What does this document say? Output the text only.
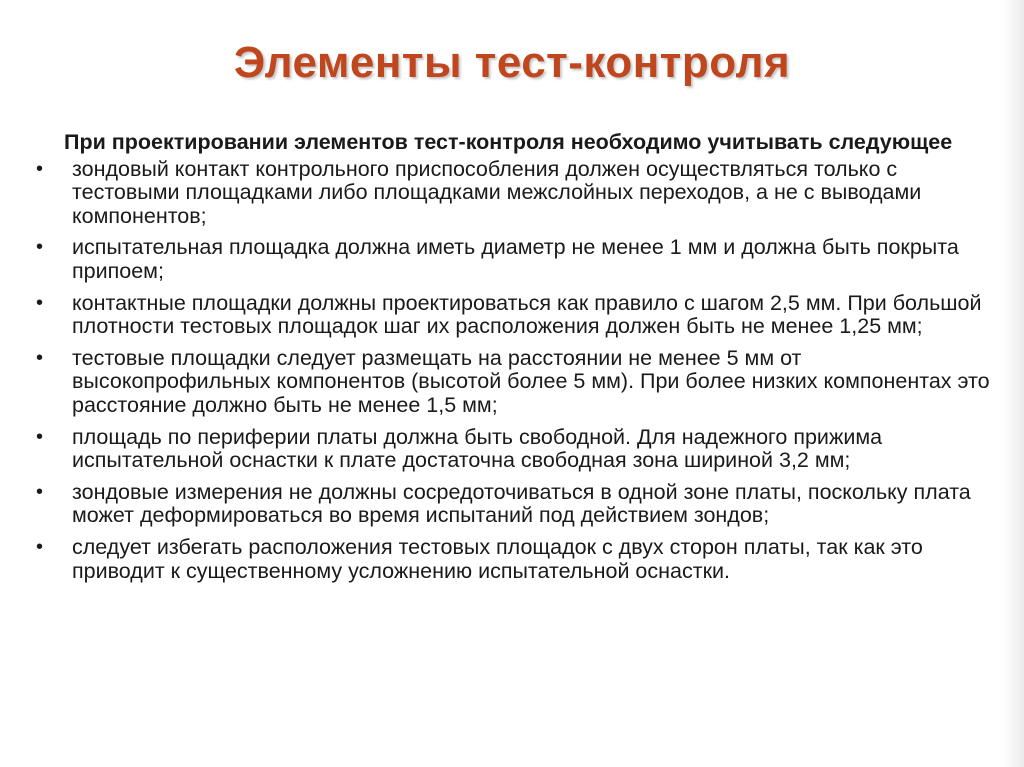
Элементы тест-контроля

При проектировании элементов тест-контроля необходимо учитывать следующее

• зондовый контакт контрольного приспособления должен осуществляться только с тестовыми площадками либо площадками межслойных переходов, а не с выводами компонентов;
• испытательная площадка должна иметь диаметр не менее 1 мм и должна быть покрыта припоем;
• контактные площадки должны проектироваться как правило с шагом 2,5 мм. При большой плотности тестовых площадок шаг их расположения должен быть не менее 1,25 мм;
• тестовые площадки следует размещать на расстоянии не менее 5 мм от высокопрофильных компонентов (высотой более 5 мм). При более низких компонентах это расстояние должно быть не менее 1,5 мм;
• площадь по периферии платы должна быть свободной. Для надежного прижима испытательной оснастки к плате достаточна свободная зона шириной 3,2 мм;
• зондовые измерения не должны сосредоточиваться в одной зоне платы, поскольку плата может деформироваться во время испытаний под действием зондов;
• следует избегать расположения тестовых площадок с двух сторон платы, так как это приводит к существенному усложнению испытательной оснастки.
